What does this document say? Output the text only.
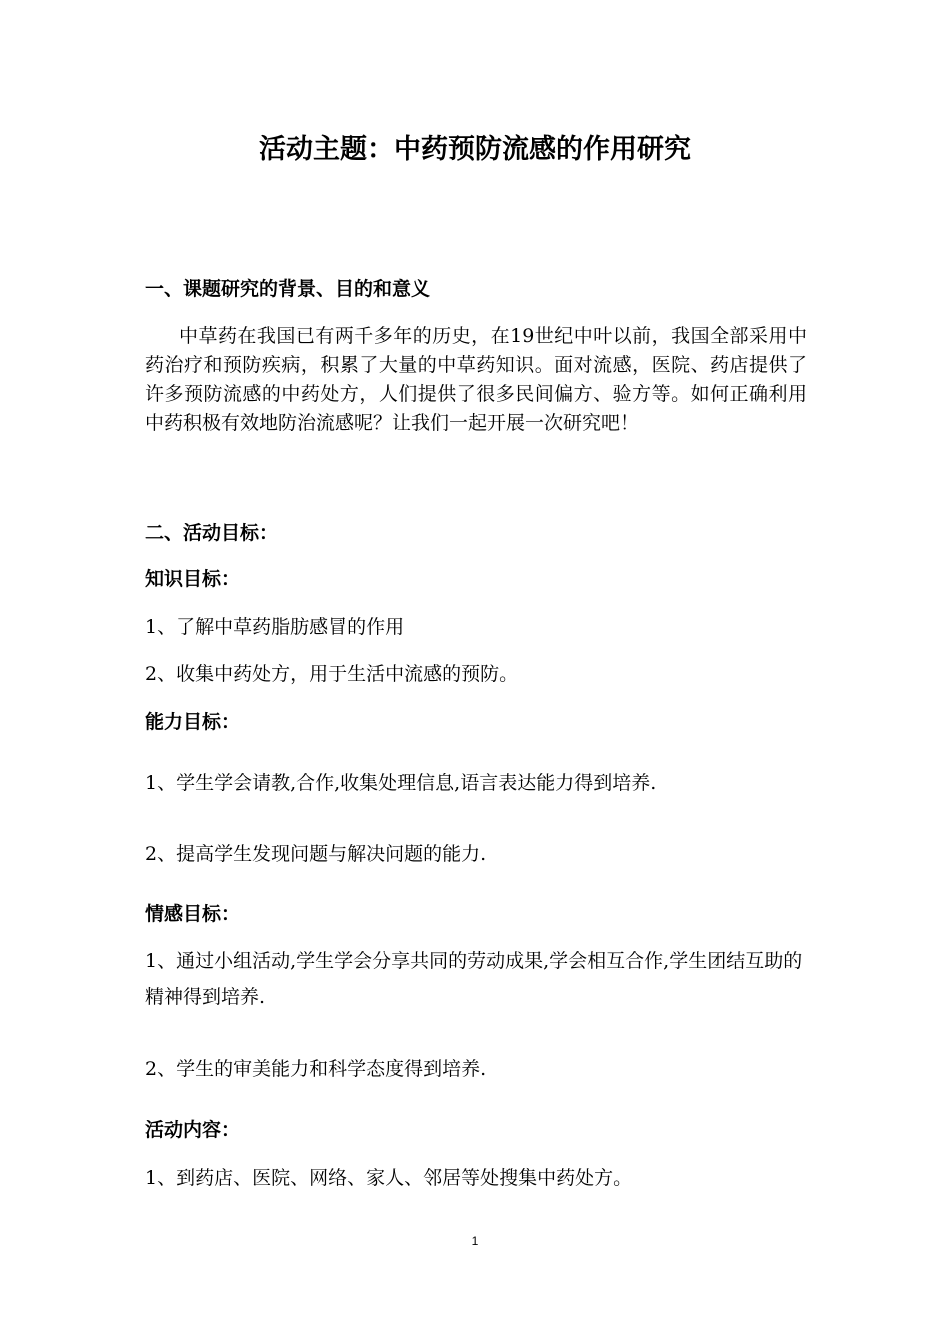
活动主题：中药预防流感的作用研究
一、课题研究的背景、目的和意义

中草药在我国已有两千多年的历史，在19世纪中叶以前，我国全部采用中药治疗和预防疾病，积累了大量的中草药知识。面对流感，医院、药店提供了许多预防流感的中药处方，人们提供了很多民间偏方、验方等。如何正确利用中药积极有效地防治流感呢？让我们一起开展一次研究吧！

二、活动目标：
知识目标：

1、了解中草药脂肪感冒的作用

2、收集中药处方，用于生活中流感的预防。

能力目标：

1、学生学会请教,合作,收集处理信息,语言表达能力得到培养.

2、提高学生发现问题与解决问题的能力.

情感目标：

1、通过小组活动,学生学会分享共同的劳动成果,学会相互合作,学生团结互助的精神得到培养.

2、学生的审美能力和科学态度得到培养.

活动内容：

1、到药店、医院、网络、家人、邻居等处搜集中药处方。

1
